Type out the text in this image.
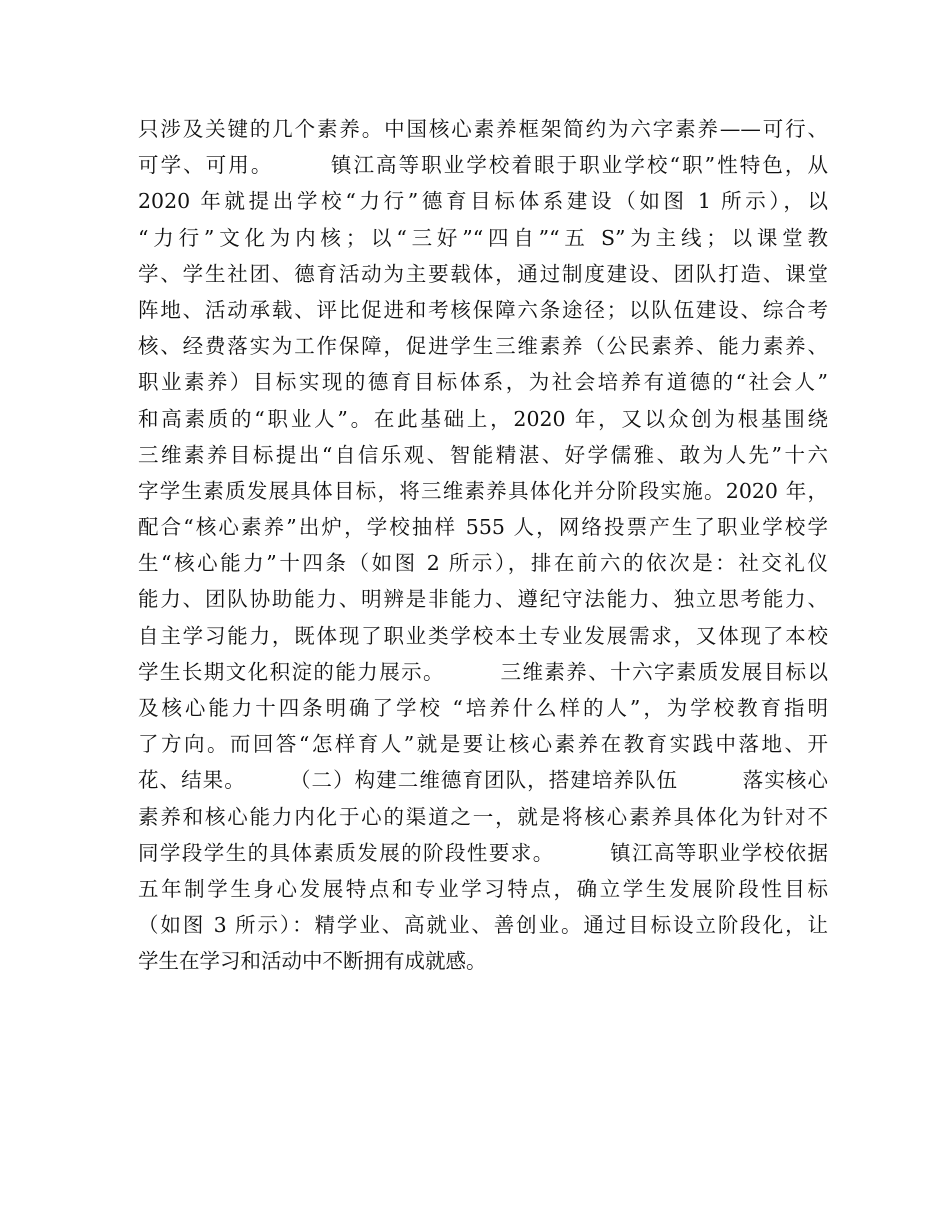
只涉及关键的几个素养。中国核心素养框架简约为六字素养——可行、
可学、可用。　　　镇江高等职业学校着眼于职业学校“职”性特色，从
2020 年就提出学校“力行”德育目标体系建设（如图 1 所示），以
“力行”文化为内核；以“三好”“四自”“五 S”为主线；以课堂教
学、学生社团、德育活动为主要载体，通过制度建设、团队打造、课堂
阵地、活动承载、评比促进和考核保障六条途径；以队伍建设、综合考
核、经费落实为工作保障，促进学生三维素养（公民素养、能力素养、
职业素养）目标实现的德育目标体系，为社会培养有道德的“社会人”
和高素质的“职业人”。在此基础上，2020 年，又以众创为根基围绕
三维素养目标提出“自信乐观、智能精湛、好学儒雅、敢为人先”十六
字学生素质发展具体目标，将三维素养具体化并分阶段实施。2020 年，
配合“核心素养”出炉，学校抽样 555 人，网络投票产生了职业学校学
生“核心能力”十四条（如图 2 所示），排在前六的依次是：社交礼仪
能力、团队协助能力、明辨是非能力、遵纪守法能力、独立思考能力、
自主学习能力，既体现了职业类学校本土专业发展需求，又体现了本校
学生长期文化积淀的能力展示。　　　三维素养、十六字素质发展目标以
及核心能力十四条明确了学校 “培养什么样的人”，为学校教育指明
了方向。而回答“怎样育人”就是要让核心素养在教育实践中落地、开
花、结果。　　　（二）构建二维德育团队，搭建培养队伍　　　落实核心
素养和核心能力内化于心的渠道之一，就是将核心素养具体化为针对不
同学段学生的具体素质发展的阶段性要求。　　　镇江高等职业学校依据
五年制学生身心发展特点和专业学习特点，确立学生发展阶段性目标
（如图 3 所示）：精学业、高就业、善创业。通过目标设立阶段化，让
学生在学习和活动中不断拥有成就感。
